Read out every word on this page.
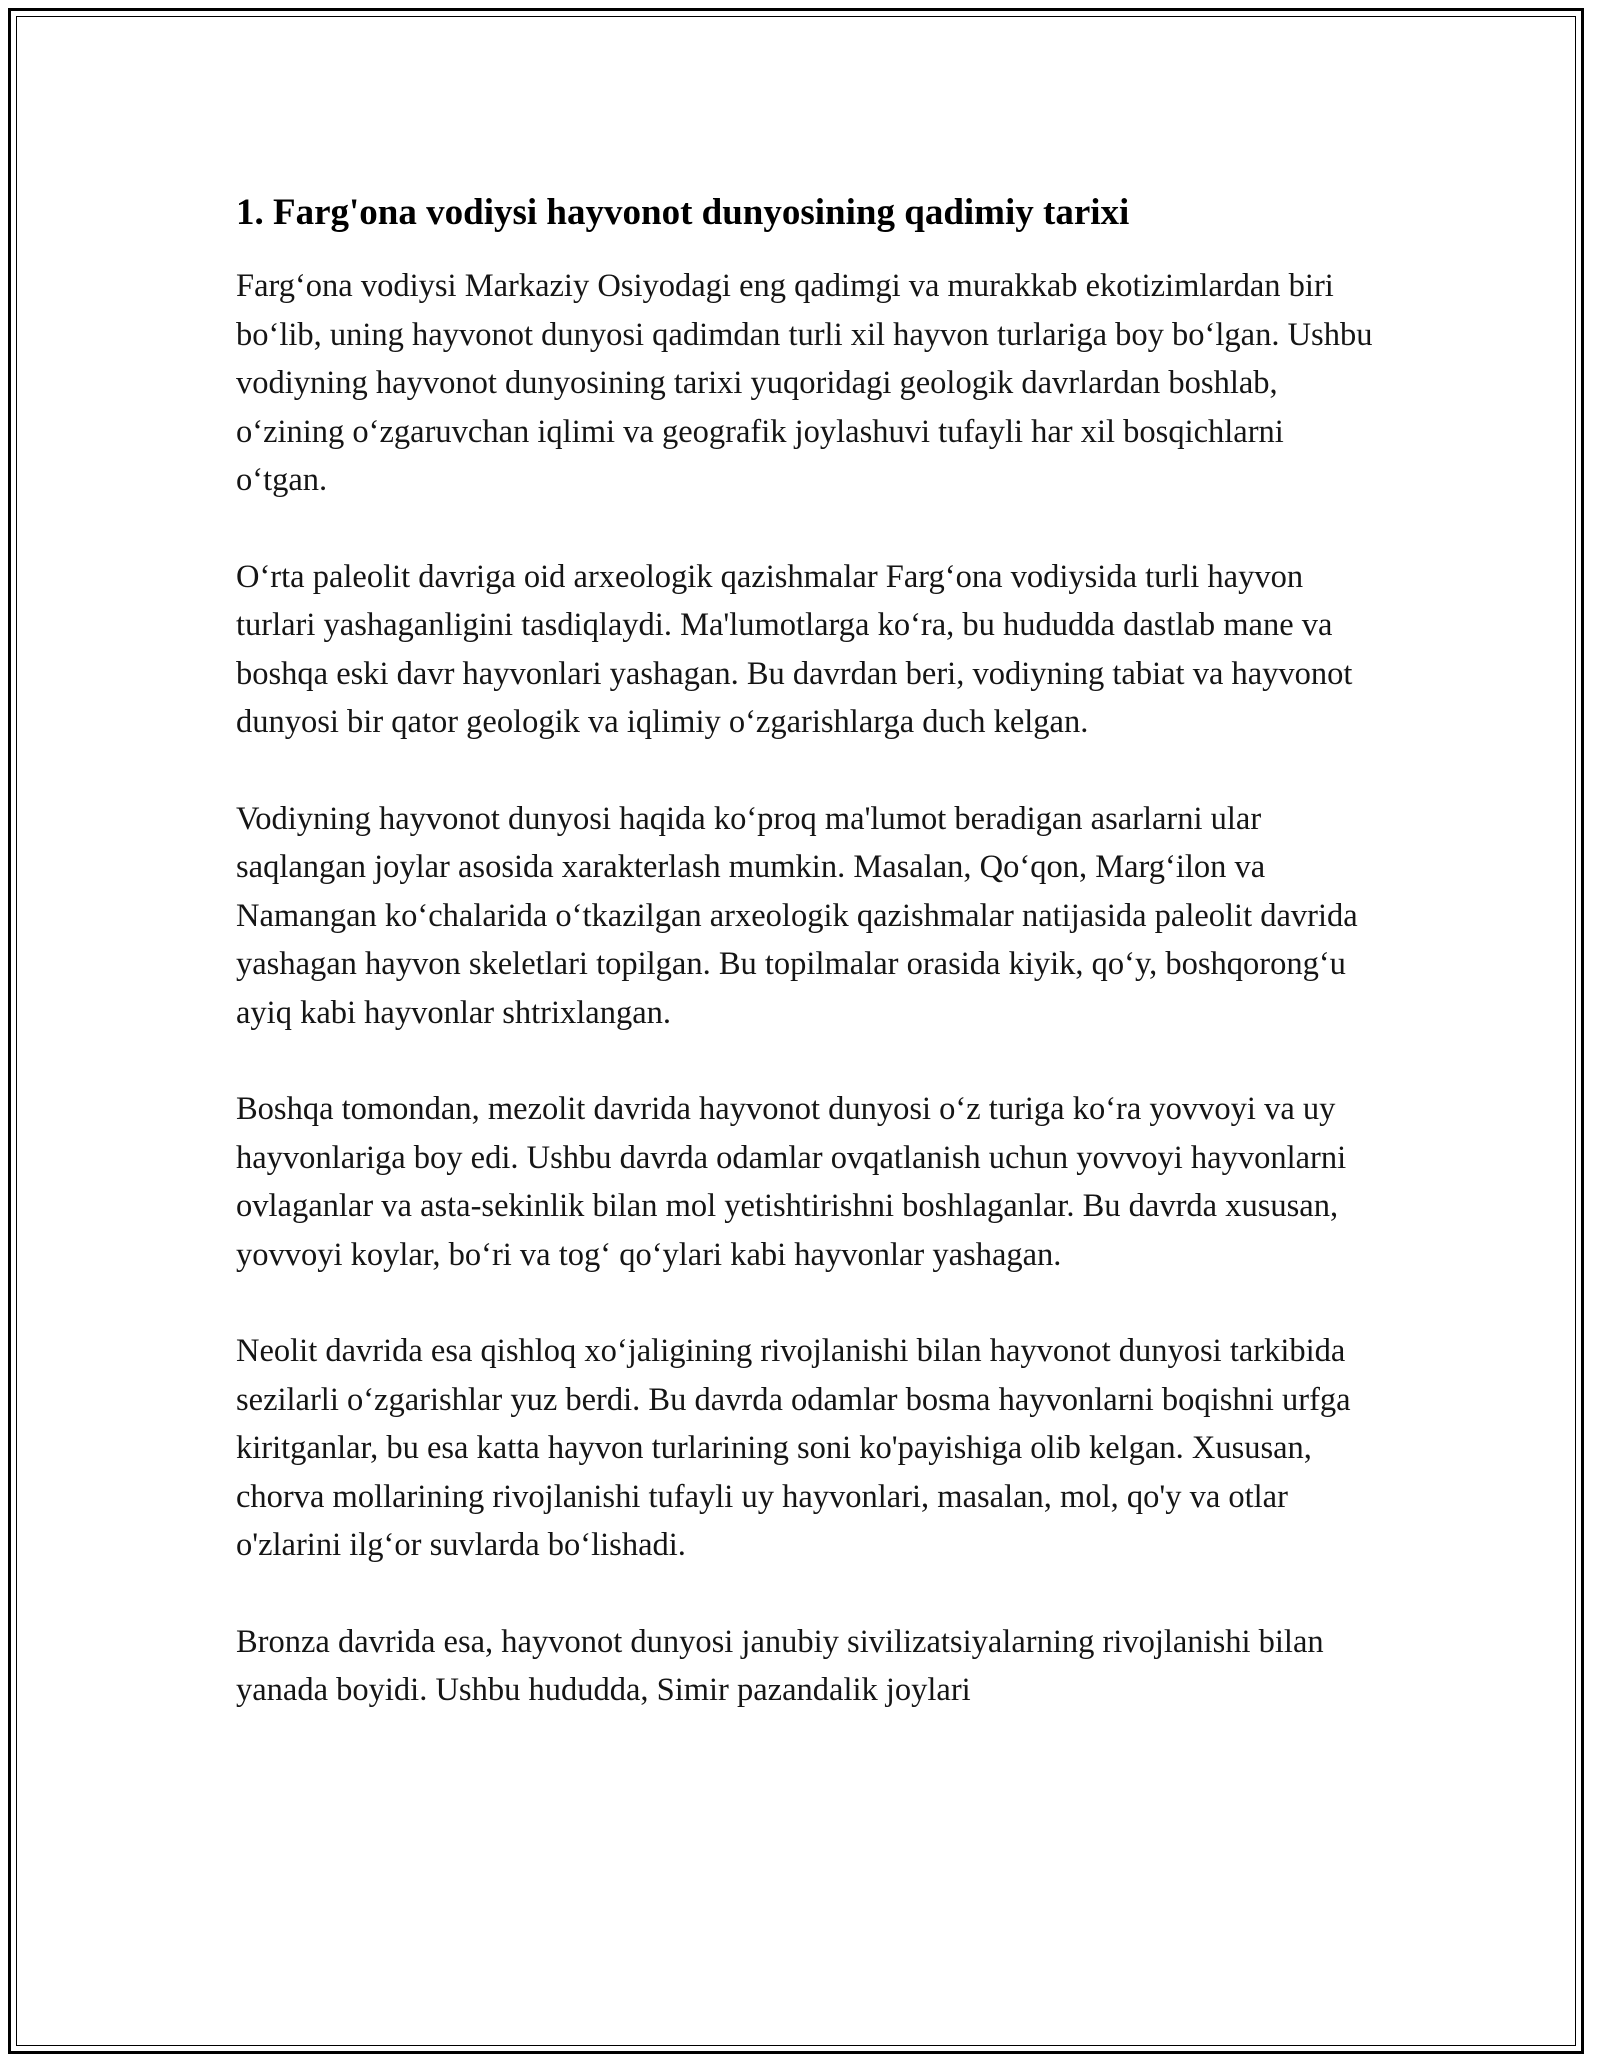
1. Farg'ona vodiysi hayvonot dunyosining qadimiy tarixi

Farg‘ona vodiysi Markaziy Osiyodagi eng qadimgi va murakkab ekotizimlardan biri bo‘lib, uning hayvonot dunyosi qadimdan turli xil hayvon turlariga boy bo‘lgan. Ushbu vodiyning hayvonot dunyosining tarixi yuqoridagi geologik davrlardan boshlab, o‘zining o‘zgaruvchan iqlimi va geografik joylashuvi tufayli har xil bosqichlarni o‘tgan.

O‘rta paleolit davriga oid arxeologik qazishmalar Farg‘ona vodiysida turli hayvon turlari yashaganligini tasdiqlaydi. Ma'lumotlarga ko‘ra, bu hududda dastlab mane va boshqa eski davr hayvonlari yashagan. Bu davrdan beri, vodiyning tabiat va hayvonot dunyosi bir qator geologik va iqlimiy o‘zgarishlarga duch kelgan.

Vodiyning hayvonot dunyosi haqida ko‘proq ma'lumot beradigan asarlarni ular saqlangan joylar asosida xarakterlash mumkin. Masalan, Qo‘qon, Marg‘ilon va Namangan ko‘chalarida o‘tkazilgan arxeologik qazishmalar natijasida paleolit davrida yashagan hayvon skeletlari topilgan. Bu topilmalar orasida kiyik, qo‘y, boshqorong‘u ayiq kabi hayvonlar shtrixlangan.

Boshqa tomondan, mezolit davrida hayvonot dunyosi o‘z turiga ko‘ra yovvoyi va uy hayvonlariga boy edi. Ushbu davrda odamlar ovqatlanish uchun yovvoyi hayvonlarni ovlaganlar va asta-sekinlik bilan mol yetishtirishni boshlaganlar. Bu davrda xususan, yovvoyi koylar, bo‘ri va tog‘ qo‘ylari kabi hayvonlar yashagan.

Neolit davrida esa qishloq xo‘jaligining rivojlanishi bilan hayvonot dunyosi tarkibida sezilarli o‘zgarishlar yuz berdi. Bu davrda odamlar bosma hayvonlarni boqishni urfga kiritganlar, bu esa katta hayvon turlarining soni ko'payishiga olib kelgan. Xususan, chorva mollarining rivojlanishi tufayli uy hayvonlari, masalan, mol, qo'y va otlar o'zlarini ilg‘or suvlarda bo‘lishadi.

Bronza davrida esa, hayvonot dunyosi janubiy sivilizatsiyalarning rivojlanishi bilan yanada boyidi. Ushbu hududda, Simir pazandalik joylari
